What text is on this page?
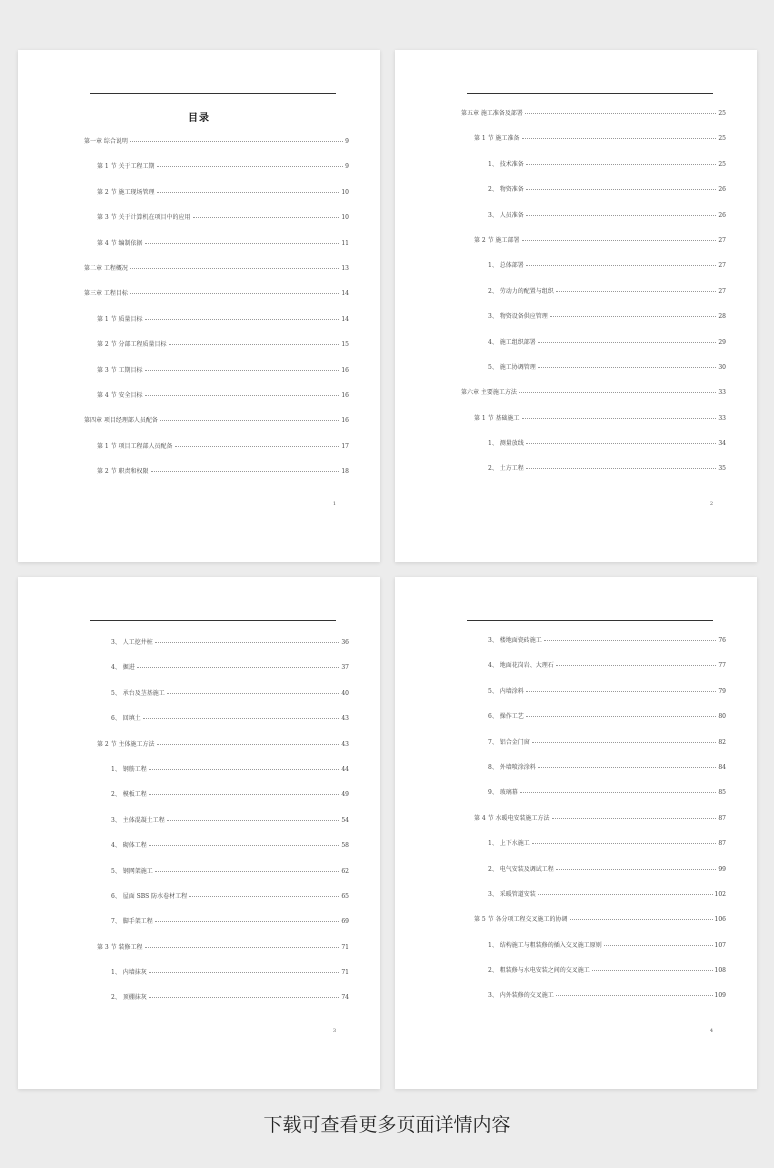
目录
第一章 综合说明	9
第 1 节 关于工程工期	9
第 2 节 施工现场管理	10
第 3 节 关于计算机在项目中的应用	10
第 4 节 编制依据	11
第二章 工程概况	13
第三章 工程目标	14
第 1 节 质量目标	14
第 2 节 分部工程质量目标	15
第 3 节 工期目标	16
第 4 节 安全目标	16
第四章 项目经理部人员配备	16
第 1 节 项目工程部人员配备	17
第 2 节 职责和权限	18
1
第五章 施工准备及部署	25
第 1 节 施工准备	25
1、 技术准备	25
2、 物资准备	26
3、 人员准备	26
第 2 节 施工部署	27
1、 总体部署	27
2、 劳动力的配置与组织	27
3、 物资设备供应管理	28
4、 施工组织部署	29
5、 施工协调管理	30
第六章 主要施工方法	33
第 1 节 基础施工	33
1、 测量放线	34
2、 土方工程	35
2
3、 人工挖井桩	36
4、 掘进	37
5、 承台及茎基施工	40
6、 回填土	43
第 2 节 主体施工方法	43
1、 钢筋工程	44
2、 模板工程	49
3、 主体混凝土工程	54
4、 砌体工程	58
5、 钢网架施工	62
6、 屋面 SBS 防水卷材工程	65
7、 脚手架工程	69
第 3 节 装修工程	71
1、 内墙抹灰	71
2、 顶棚抹灰	74
3
3、 楼地面瓷砖施工	76
4、 地面花岗岩、大理石	77
5、 内墙涂料	79
6、 操作工艺	80
7、 铝合金门窗	82
8、 外墙喷涂涂料	84
9、 玻璃幕	85
第 4 节 水暖电安装施工方法	87
1、 上下水施工	87
2、 电气安装及调试工程	99
3、 采暖管道安装	102
第 5 节 各分项工程交叉施工的协调	106
1、 结构施工与粗装修的插入交叉施工原则	107
2、 粗装修与水电安装之间的交叉施工	108
3、 内外装修的交叉施工	109
4
下载可查看更多页面详情内容
